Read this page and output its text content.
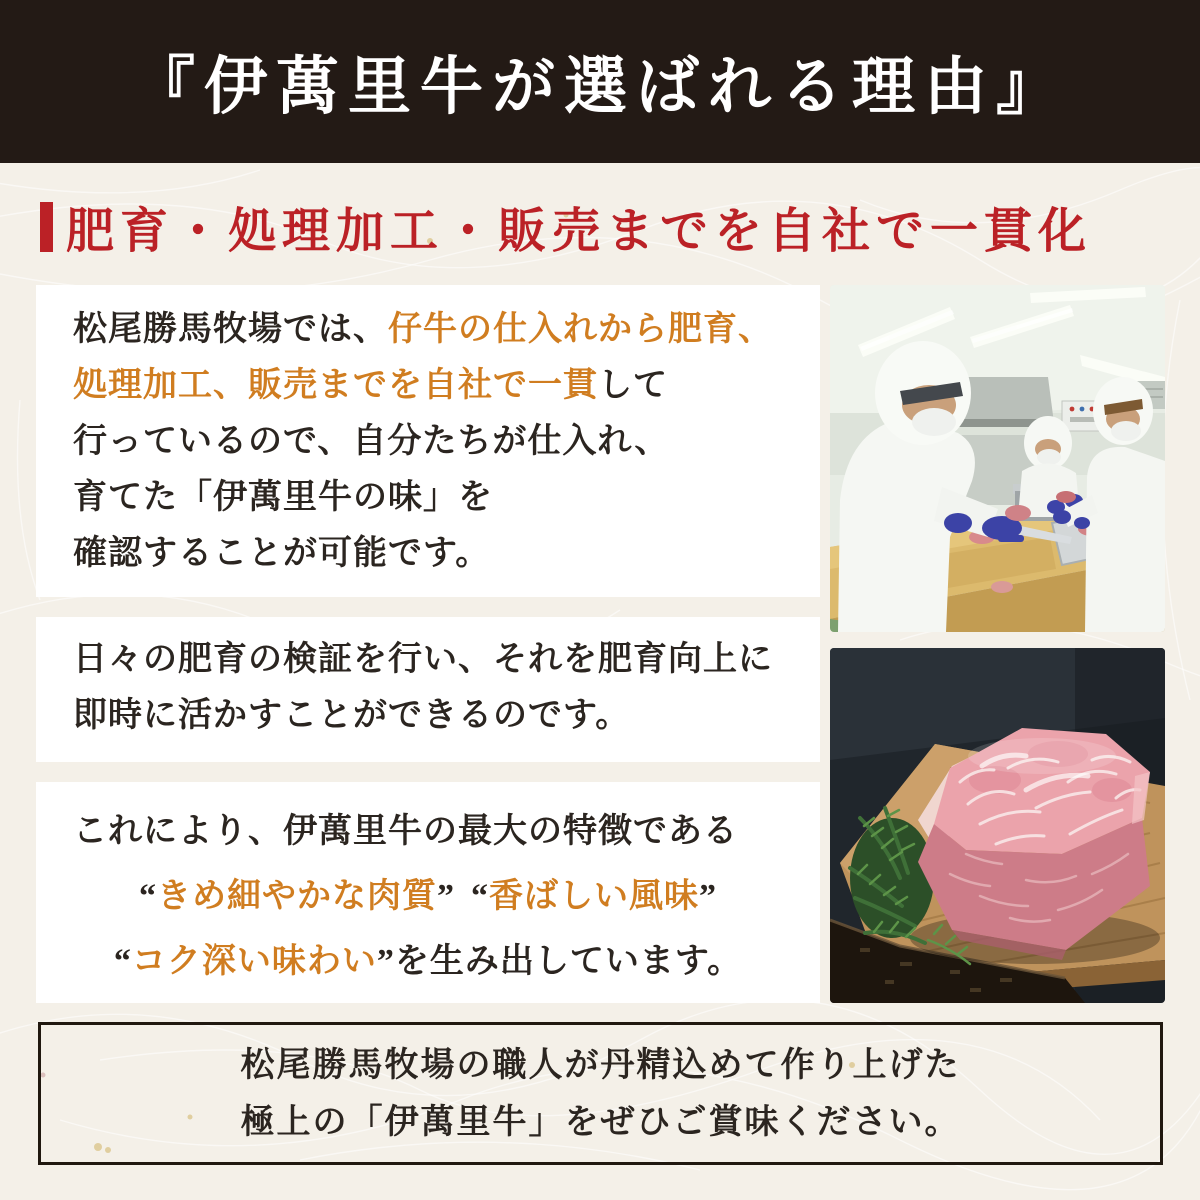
『伊萬里牛が選ばれる理由』
肥育・処理加工・販売までを自社で一貫化

松尾勝馬牧場では、仔牛の仕入れから肥育、

処理加工、販売までを自社で一貫して

行っているので、自分たちが仕入れ、

育てた「伊萬里牛の味」を

確認することが可能です。

日々の肥育の検証を行い、それを肥育向上に

即時に活かすことができるのです。

これにより、伊萬里牛の最大の特徴である

“きめ細やかな肉質” “香ばしい風味”

“コク深い味わい”を生み出しています。

松尾勝馬牧場の職人が丹精込めて作り上げた

極上の「伊萬里牛」をぜひご賞味ください。
